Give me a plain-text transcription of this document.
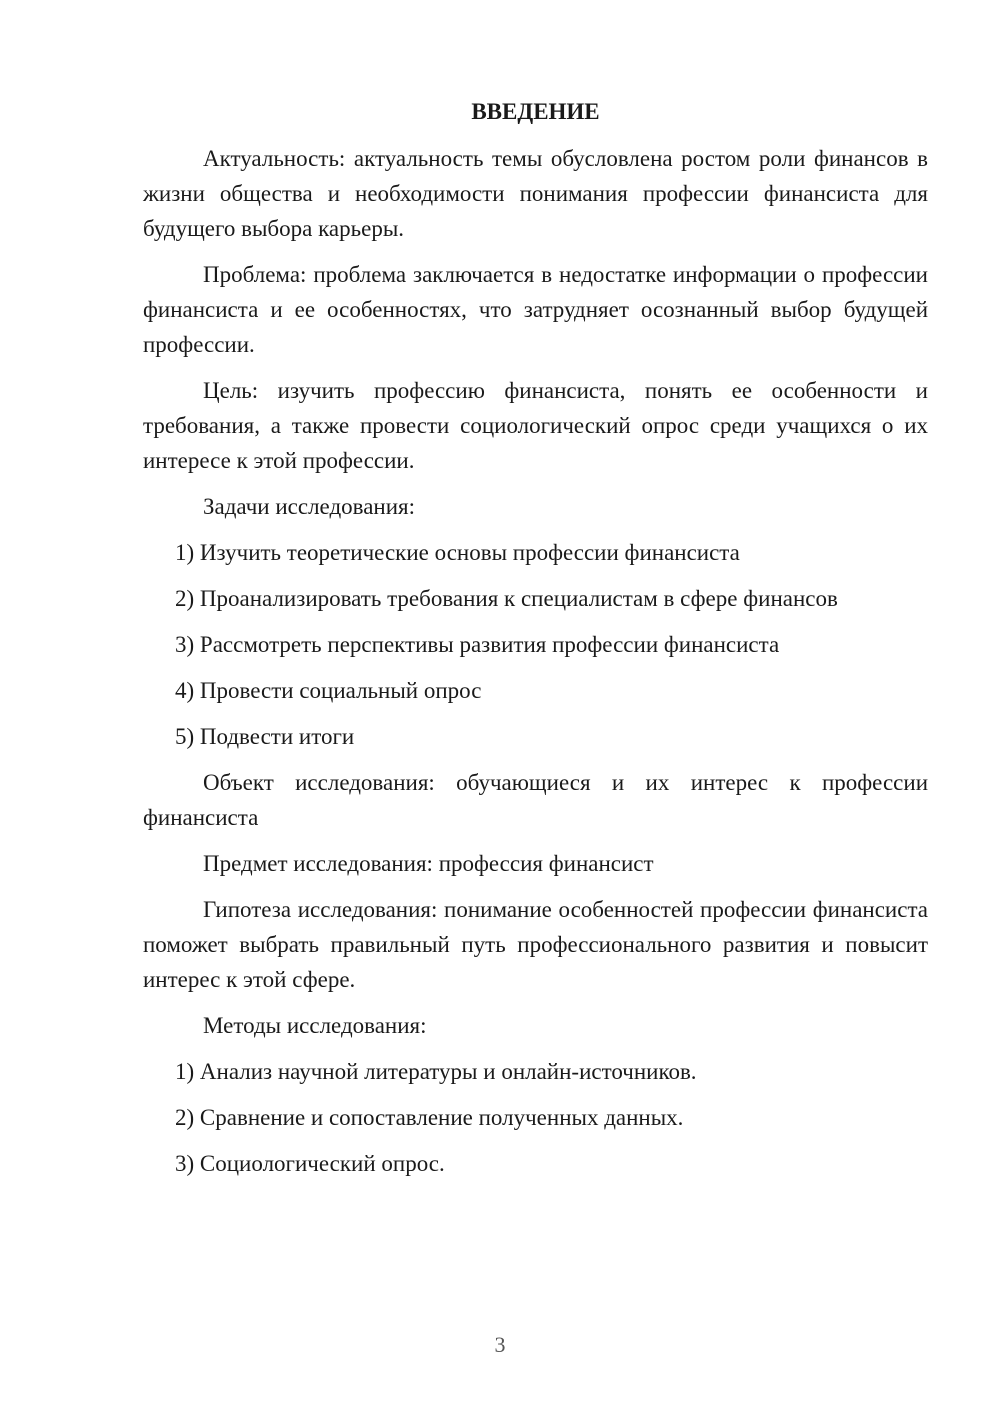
ВВЕДЕНИЕ

Актуальность: актуальность темы обусловлена ростом роли финансов в жизни общества и необходимости понимания профессии финансиста для будущего выбора карьеры.

Проблема: проблема заключается в недостатке информации о профессии финансиста и ее особенностях, что затрудняет осознанный выбор будущей профессии.

Цель: изучить профессию финансиста, понять ее особенности и требования, а также провести социологический опрос среди учащихся о их интересе к этой профессии.

Задачи исследования:

1) Изучить теоретические основы профессии финансиста

2) Проанализировать требования к специалистам в сфере финансов

3) Рассмотреть перспективы развития профессии финансиста

4) Провести социальный опрос

5) Подвести итоги

Объект исследования: обучающиеся и их интерес к профессии финансиста

Предмет исследования: профессия финансист

Гипотеза исследования: понимание особенностей профессии финансиста поможет выбрать правильный путь профессионального развития и повысит интерес к этой сфере.

Методы исследования:

1) Анализ научной литературы и онлайн-источников.

2) Сравнение и сопоставление полученных данных.

3) Социологический опрос.

3
